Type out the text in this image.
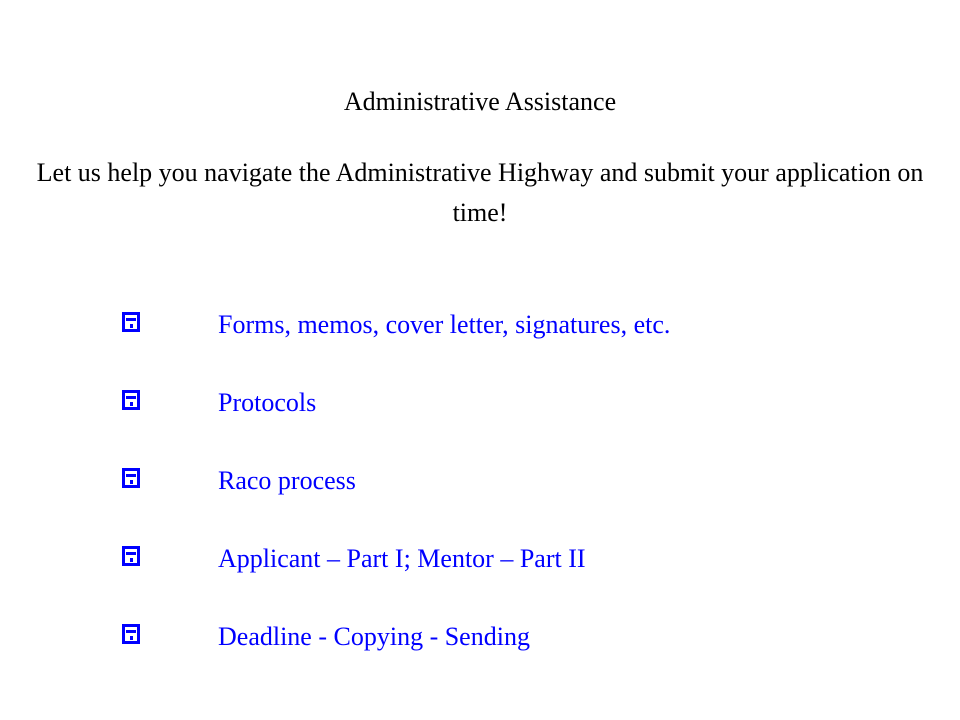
Administrative Assistance
Let us help you navigate the Administrative Highway and submit your application on time!
Forms, memos, cover letter, signatures, etc.
Protocols
Raco process
Applicant – Part I; Mentor – Part II
Deadline - Copying - Sending
